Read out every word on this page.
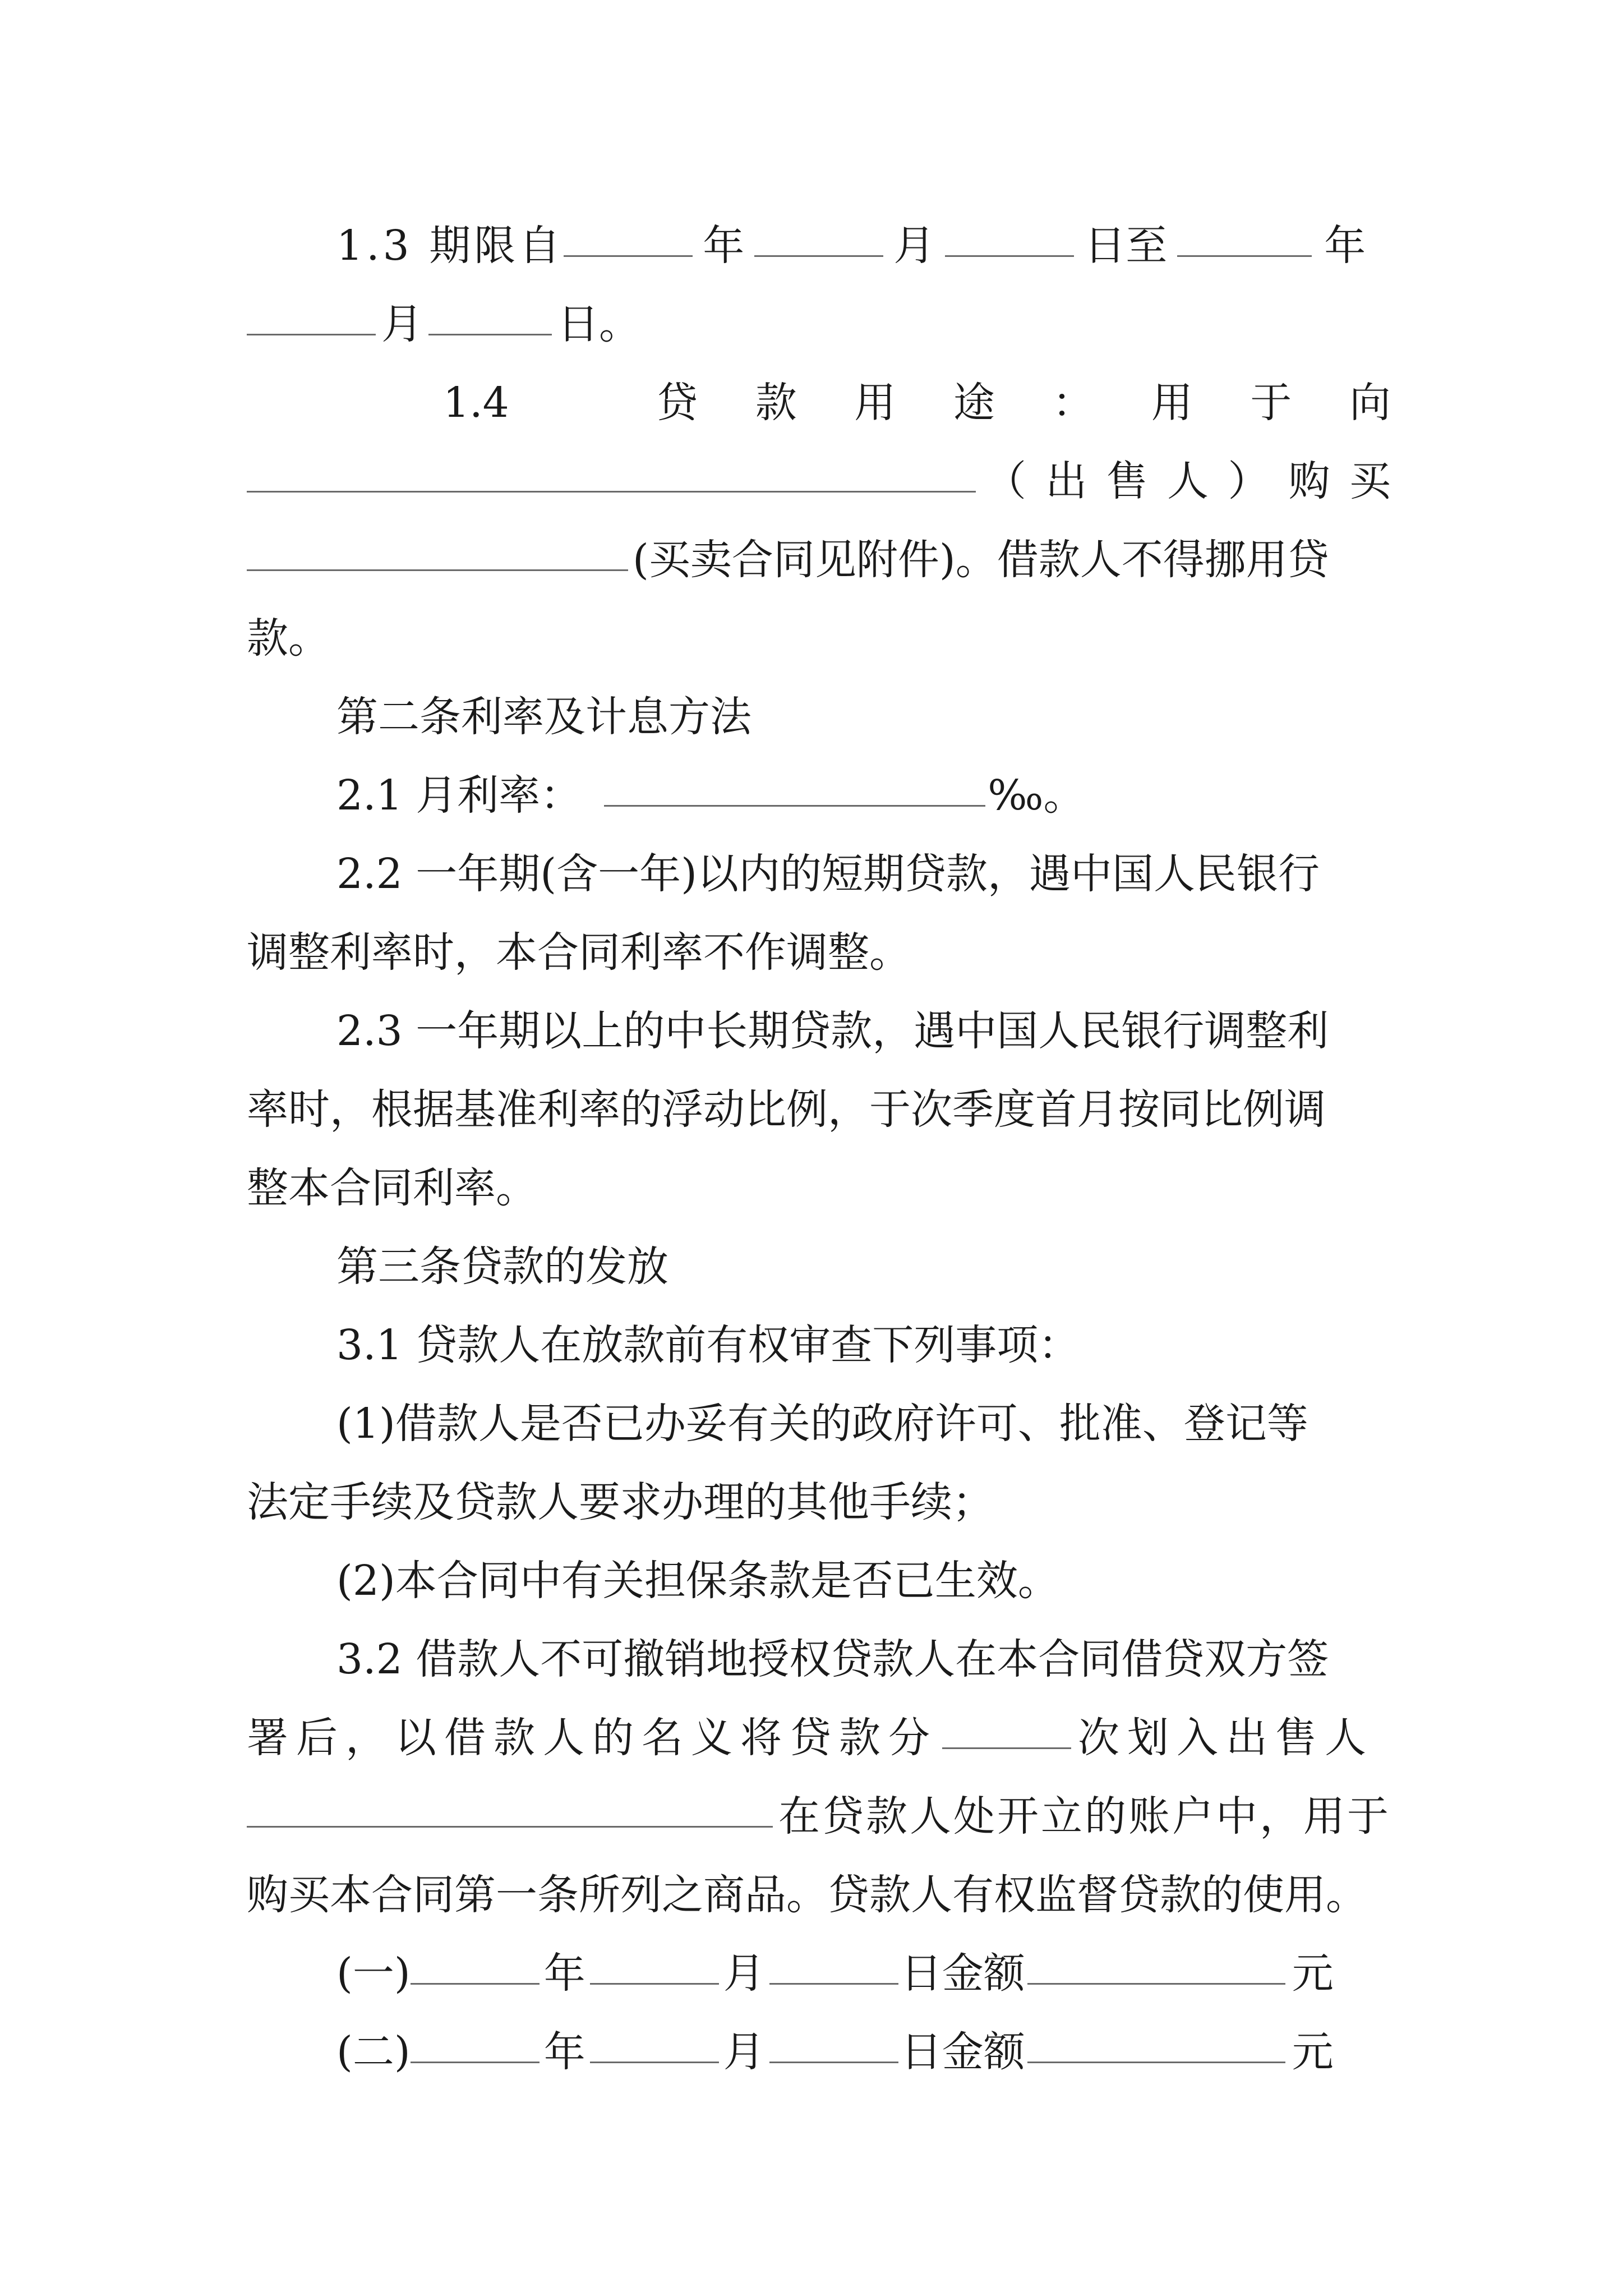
1.3 期限自	年	月	日至	年
月	日。
1.4	贷 款 用 途 ： 用 于 向
（ 出 售 人 ） 购 买
(买卖合同见附件)。借款人不得挪用贷
款。
第二条利率及计息方法
2.1 月利率：	‰。
2.2 一年期(含一年)以内的短期贷款，遇中国人民银行
调整利率时，本合同利率不作调整。
2.3 一年期以上的中长期贷款，遇中国人民银行调整利
率时，根据基准利率的浮动比例，于次季度首月按同比例调
整本合同利率。
第三条贷款的发放
3.1 贷款人在放款前有权审查下列事项：
(1)借款人是否已办妥有关的政府许可、批准、登记等
法定手续及贷款人要求办理的其他手续；
(2)本合同中有关担保条款是否已生效。
3.2 借款人不可撤销地授权贷款人在本合同借贷双方签
署后，以借款人的名义将贷款分	次划入出售人
在贷款人处开立的账户中，用于
购买本合同第一条所列之商品。贷款人有权监督贷款的使用。
(一)	年	月	日金额	元
(二)	年	月	日金额	元
